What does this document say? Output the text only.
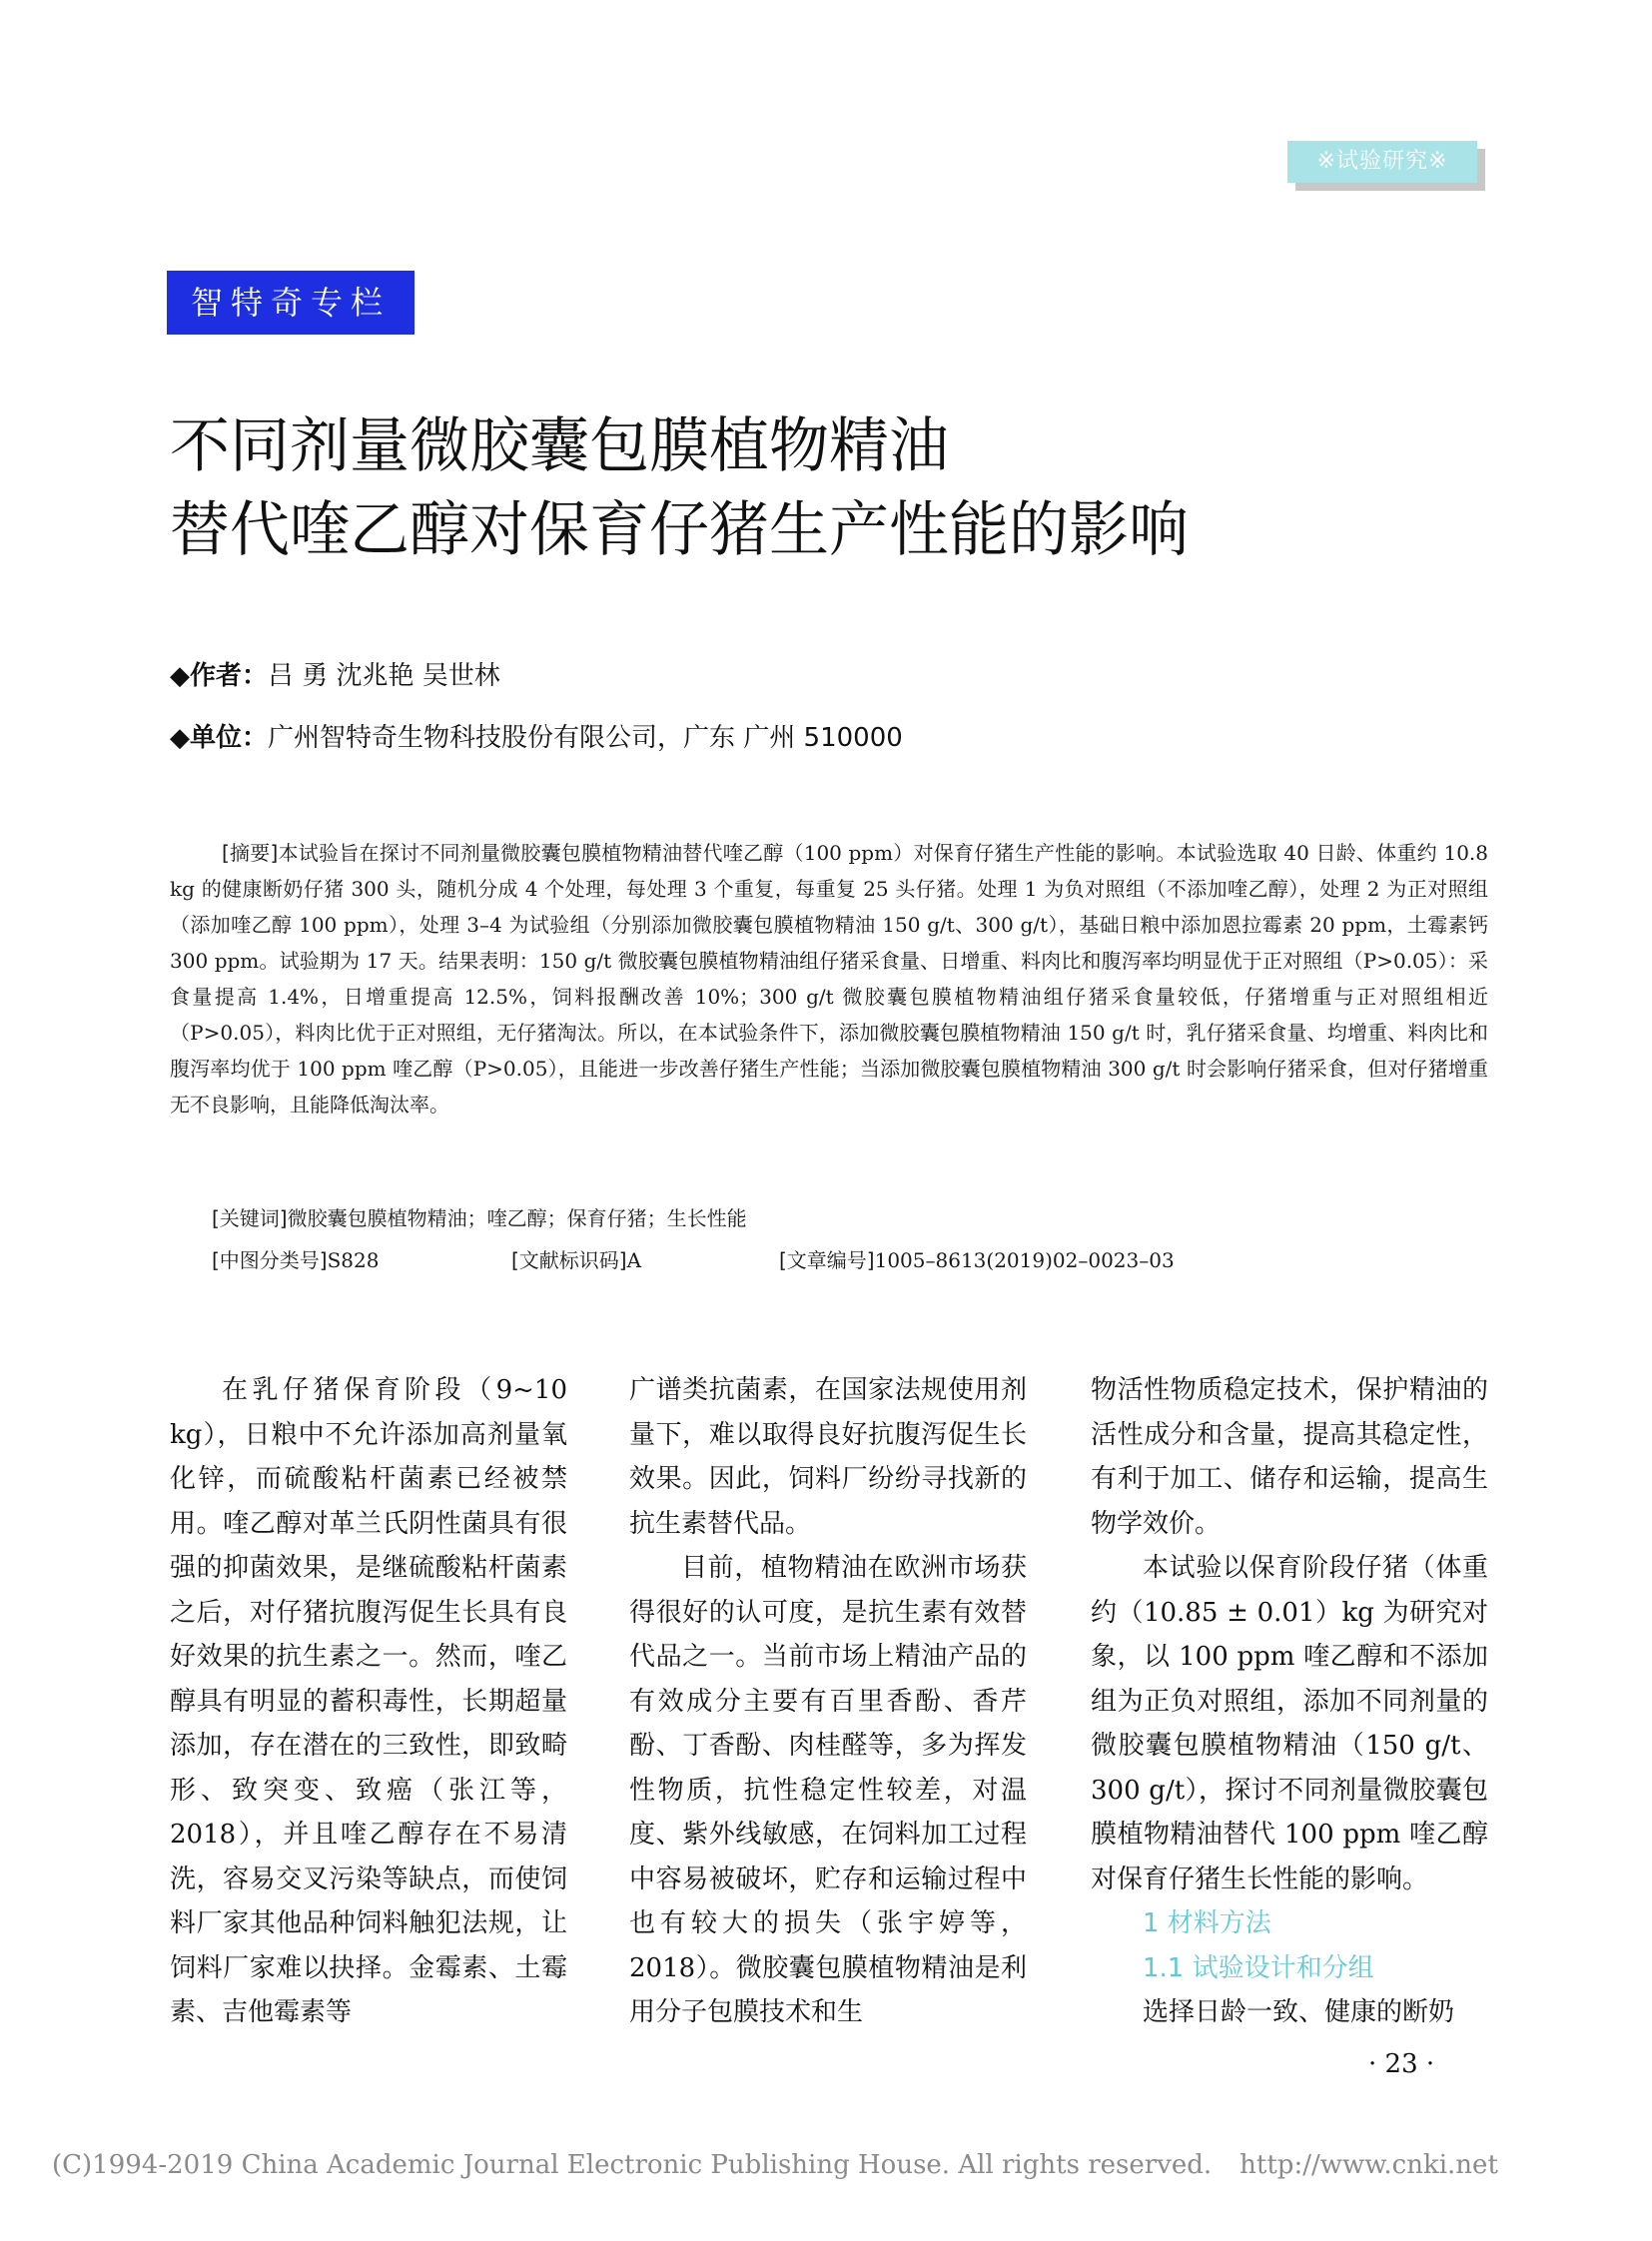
※试验研究※
智特奇专栏
不同剂量微胶囊包膜植物精油
替代喹乙醇对保育仔猪生产性能的影响
◆作者：吕 勇 沈兆艳 吴世林
◆单位：广州智特奇生物科技股份有限公司，广东 广州 510000

[摘要]本试验旨在探讨不同剂量微胶囊包膜植物精油替代喹乙醇（100 ppm）对保育仔猪生产性能的影响。本试验选取 40 日龄、体重约 10.8 kg 的健康断奶仔猪 300 头，随机分成 4 个处理，每处理 3 个重复，每重复 25 头仔猪。处理 1 为负对照组（不添加喹乙醇），处理 2 为正对照组（添加喹乙醇 100 ppm），处理 3–4 为试验组（分别添加微胶囊包膜植物精油 150 g/t、300 g/t），基础日粮中添加恩拉霉素 20 ppm，土霉素钙 300 ppm。试验期为 17 天。结果表明：150 g/t 微胶囊包膜植物精油组仔猪采食量、日增重、料肉比和腹泻率均明显优于正对照组（P>0.05）：采食量提高 1.4%，日增重提高 12.5%，饲料报酬改善 10%；300 g/t 微胶囊包膜植物精油组仔猪采食量较低，仔猪增重与正对照组相近（P>0.05），料肉比优于正对照组，无仔猪淘汰。所以，在本试验条件下，添加微胶囊包膜植物精油 150 g/t 时，乳仔猪采食量、均增重、料肉比和腹泻率均优于 100 ppm 喹乙醇（P>0.05），且能进一步改善仔猪生产性能；当添加微胶囊包膜植物精油 300 g/t 时会影响仔猪采食，但对仔猪增重无不良影响，且能降低淘汰率。

[关键词]微胶囊包膜植物精油；喹乙醇；保育仔猪；生长性能
[中图分类号]S828	[文献标识码]A	[文章编号]1005–8613(2019)02–0023–03

在乳仔猪保育阶段（9~10 kg），日粮中不允许添加高剂量氧化锌，而硫酸粘杆菌素已经被禁用。喹乙醇对革兰氏阴性菌具有很强的抑菌效果，是继硫酸粘杆菌素之后，对仔猪抗腹泻促生长具有良好效果的抗生素之一。然而，喹乙醇具有明显的蓄积毒性，长期超量添加，存在潜在的三致性，即致畸形、致突变、致癌（张江等，2018），并且喹乙醇存在不易清洗，容易交叉污染等缺点，而使饲料厂家其他品种饲料触犯法规，让饲料厂家难以抉择。金霉素、土霉素、吉他霉素等

广谱类抗菌素，在国家法规使用剂量下，难以取得良好抗腹泻促生长效果。因此，饲料厂纷纷寻找新的抗生素替代品。

目前，植物精油在欧洲市场获得很好的认可度，是抗生素有效替代品之一。当前市场上精油产品的有效成分主要有百里香酚、香芹酚、丁香酚、肉桂醛等，多为挥发性物质，抗性稳定性较差，对温度、紫外线敏感，在饲料加工过程中容易被破坏，贮存和运输过程中也有较大的损失（张宇婷等，2018）。微胶囊包膜植物精油是利用分子包膜技术和生

物活性物质稳定技术，保护精油的活性成分和含量，提高其稳定性，有利于加工、储存和运输，提高生物学效价。

本试验以保育阶段仔猪（体重约（10.85 ± 0.01）kg 为研究对象，以 100 ppm 喹乙醇和不添加组为正负对照组，添加不同剂量的微胶囊包膜植物精油（150 g/t、300 g/t），探讨不同剂量微胶囊包膜植物精油替代 100 ppm 喹乙醇对保育仔猪生长性能的影响。

1 材料方法
1.1 试验设计和分组

选择日龄一致、健康的断奶

· 23 ·
(C)1994-2019 China Academic Journal Electronic Publishing House. All rights reserved. http://www.cnki.net
